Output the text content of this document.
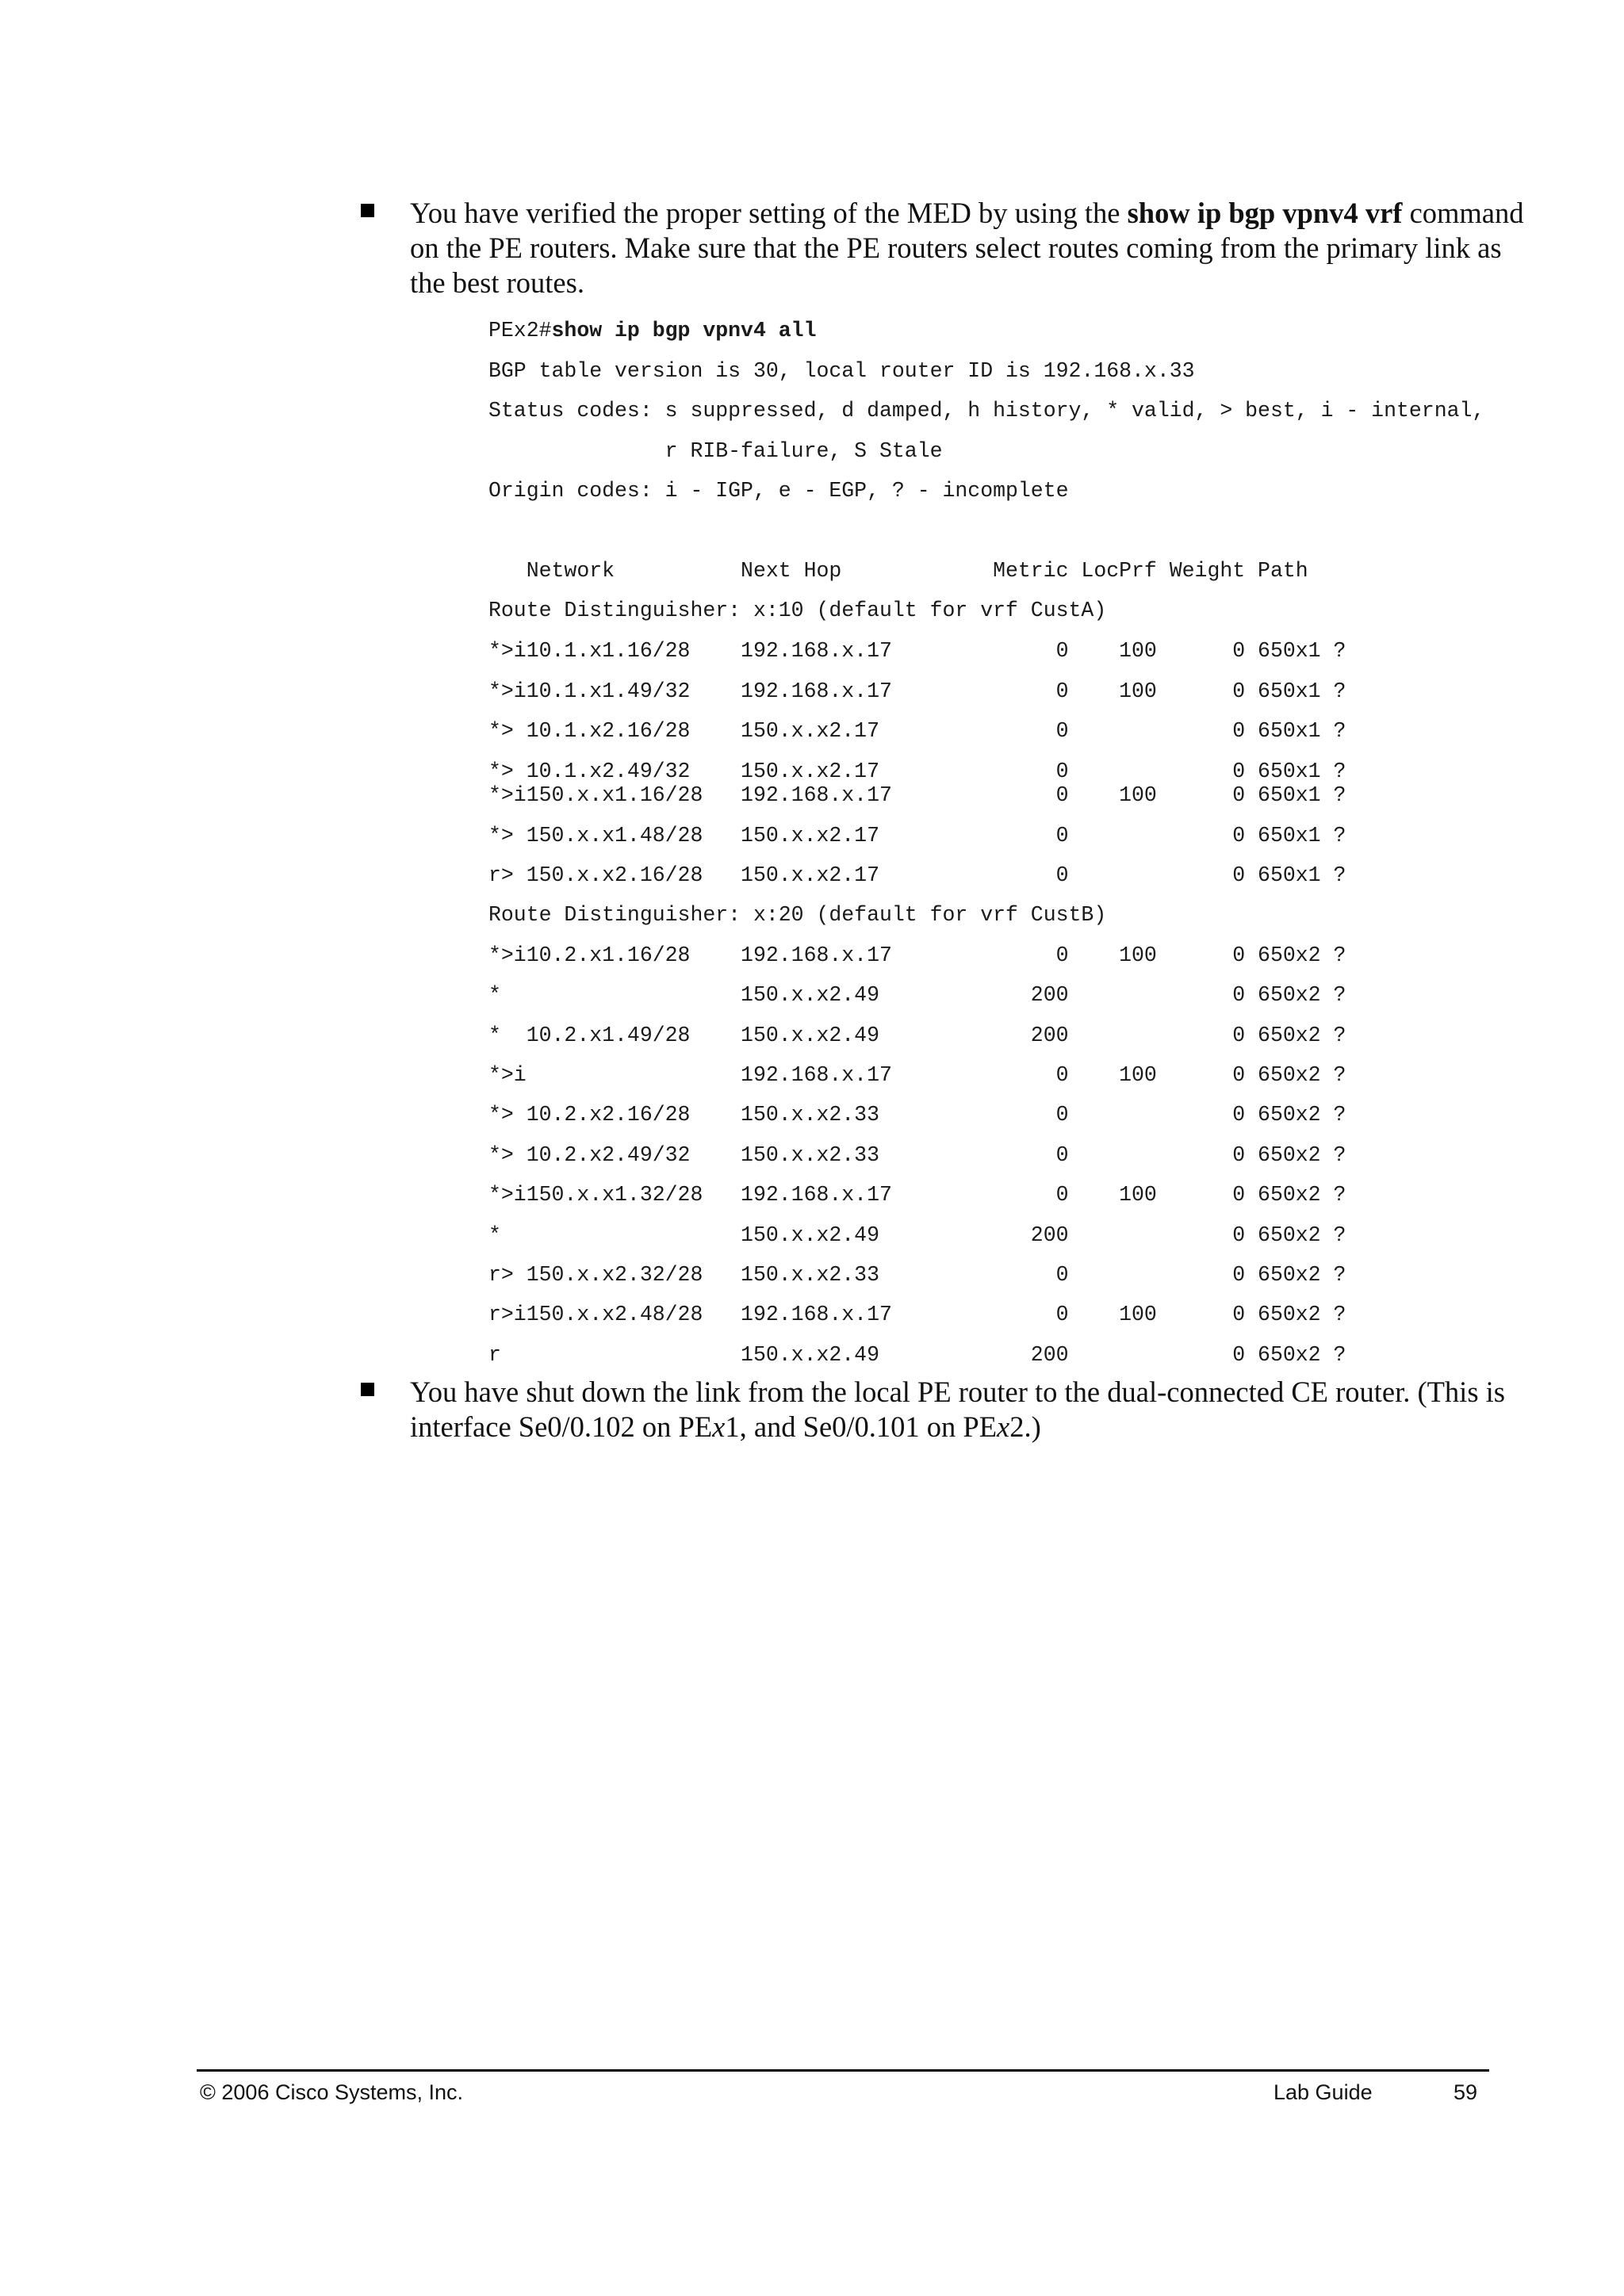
You have verified the proper setting of the MED by using the show ip bgp vpnv4 vrf command on the PE routers. Make sure that the PE routers select routes coming from the primary link as the best routes.

PEx2#show ip bgp vpnv4 all

BGP table version is 30, local router ID is 192.168.x.33
Status codes: s suppressed, d damped, h history, * valid, > best, i - internal,
r RIB-failure, S Stale
Origin codes: i - IGP, e - EGP, ? - incomplete
Network          Next Hop            Metric LocPrf Weight Path
Route Distinguisher: x:10 (default for vrf CustA)
*>i10.1.x1.16/28    192.168.x.17             0    100      0 650x1 ?
*>i10.1.x1.49/32    192.168.x.17             0    100      0 650x1 ?
*> 10.1.x2.16/28    150.x.x2.17              0             0 650x1 ?
*> 10.1.x2.49/32    150.x.x2.17              0             0 650x1 ?
*>i150.x.x1.16/28   192.168.x.17             0    100      0 650x1 ?
*> 150.x.x1.48/28   150.x.x2.17              0             0 650x1 ?
r> 150.x.x2.16/28   150.x.x2.17              0             0 650x1 ?
Route Distinguisher: x:20 (default for vrf CustB)
*>i10.2.x1.16/28    192.168.x.17             0    100      0 650x2 ?
*                   150.x.x2.49            200             0 650x2 ?
*  10.2.x1.49/28    150.x.x2.49            200             0 650x2 ?
*>i                 192.168.x.17             0    100      0 650x2 ?
*> 10.2.x2.16/28    150.x.x2.33              0             0 650x2 ?
*> 10.2.x2.49/32    150.x.x2.33              0             0 650x2 ?
*>i150.x.x1.32/28   192.168.x.17             0    100      0 650x2 ?
*                   150.x.x2.49            200             0 650x2 ?
r> 150.x.x2.32/28   150.x.x2.33              0             0 650x2 ?
r>i150.x.x2.48/28   192.168.x.17             0    100      0 650x2 ?
r                   150.x.x2.49            200             0 650x2 ?

You have shut down the link from the local PE router to the dual-connected CE router. (This is interface Se0/0.102 on PEx1, and Se0/0.101 on PEx2.)
© 2006 Cisco Systems, Inc.	Lab Guide	59
